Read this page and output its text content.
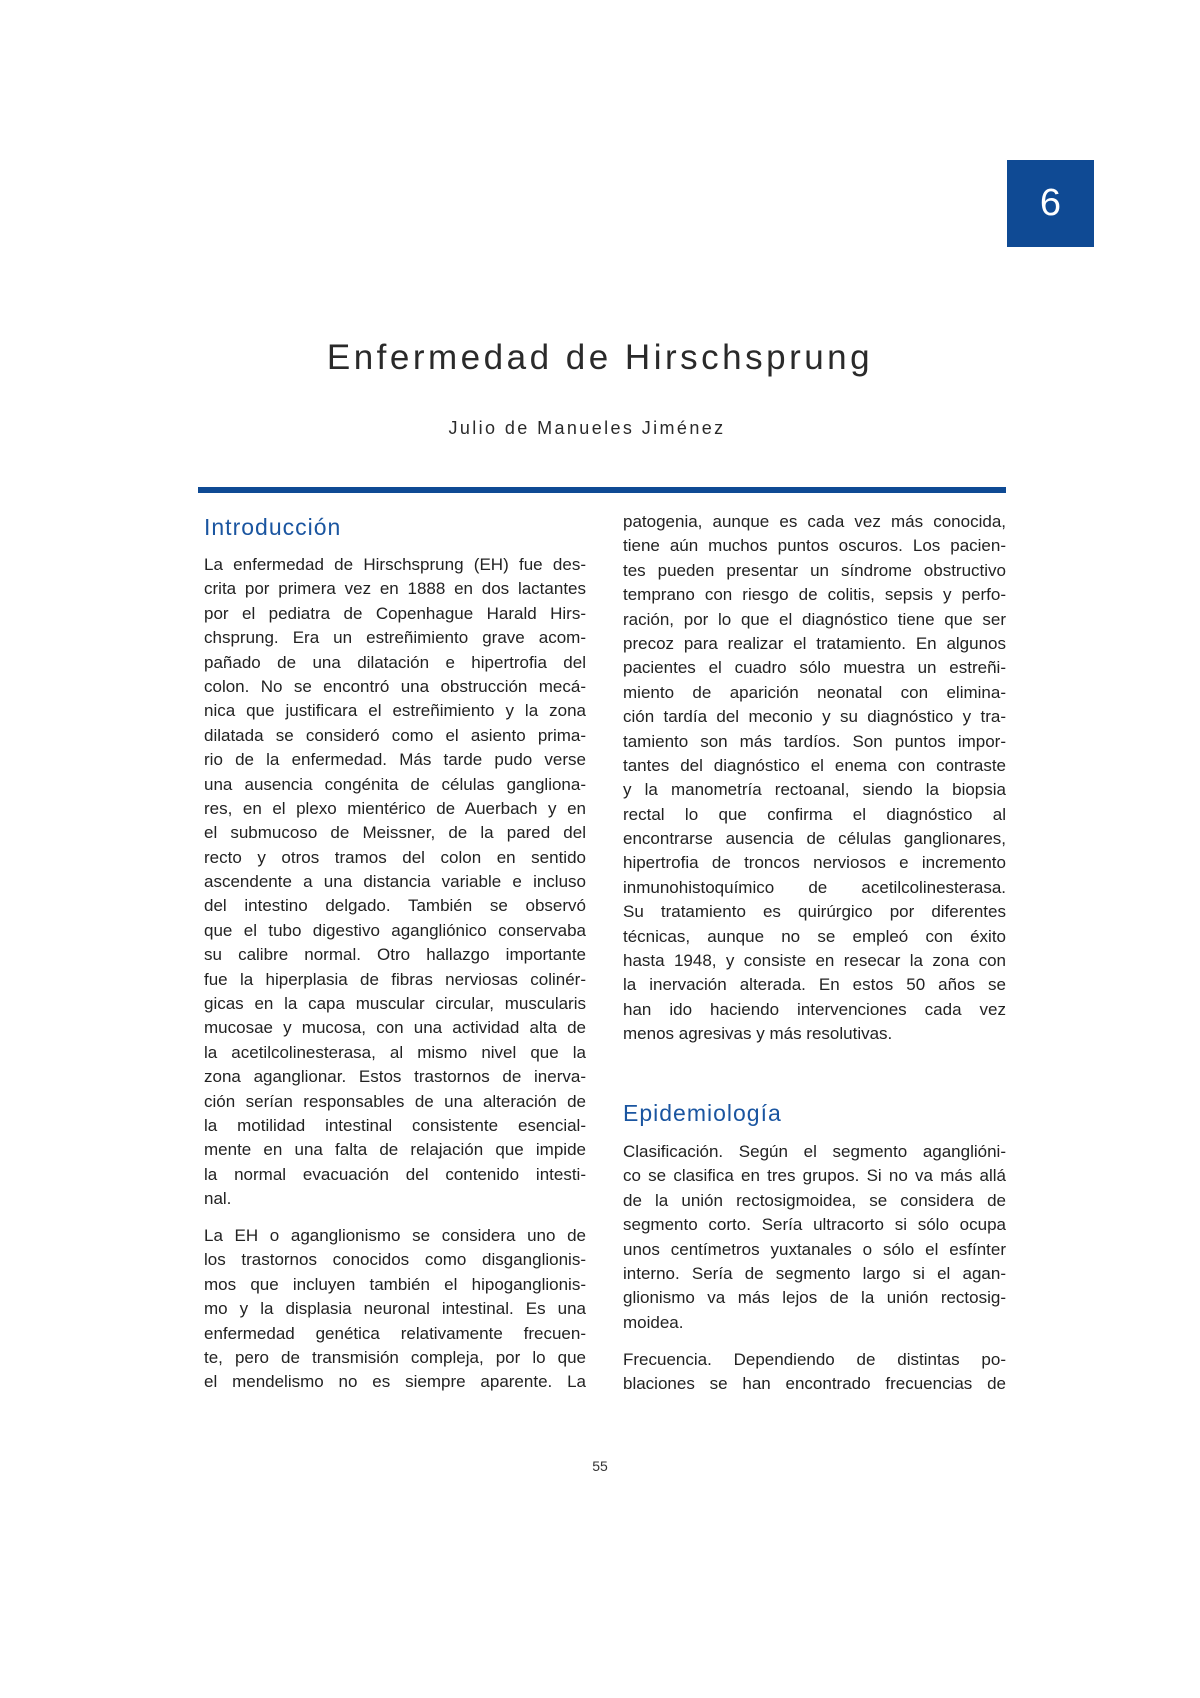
6
Enfermedad de Hirschsprung
Julio de Manueles Jiménez
Introducción
La enfermedad de Hirschsprung (EH) fue des-
crita por primera vez en 1888 en dos lactantes
por el pediatra de Copenhague Harald Hirs-
chsprung. Era un estreñimiento grave acom-
pañado de una dilatación e hipertrofia del
colon. No se encontró una obstrucción mecá-
nica que justificara el estreñimiento y la zona
dilatada se consideró como el asiento prima-
rio de la enfermedad. Más tarde pudo verse
una ausencia congénita de células gangliona-
res, en el plexo mientérico de Auerbach y en
el submucoso de Meissner, de la pared del
recto y otros tramos del colon en sentido
ascendente a una distancia variable e incluso
del intestino delgado. También se observó
que el tubo digestivo agangliónico conservaba
su calibre normal. Otro hallazgo importante
fue la hiperplasia de fibras nerviosas colinér-
gicas en la capa muscular circular, muscularis
mucosae y mucosa, con una actividad alta de
la acetilcolinesterasa, al mismo nivel que la
zona aganglionar. Estos trastornos de inerva-
ción serían responsables de una alteración de
la motilidad intestinal consistente esencial-
mente en una falta de relajación que impide
la normal evacuación del contenido intesti-
nal.
La EH o aganglionismo se considera uno de
los trastornos conocidos como disganglionis-
mos que incluyen también el hipoganglionis-
mo y la displasia neuronal intestinal. Es una
enfermedad genética relativamente frecuen-
te, pero de transmisión compleja, por lo que
el mendelismo no es siempre aparente. La
patogenia, aunque es cada vez más conocida,
tiene aún muchos puntos oscuros. Los pacien-
tes pueden presentar un síndrome obstructivo
temprano con riesgo de colitis, sepsis y perfo-
ración, por lo que el diagnóstico tiene que ser
precoz para realizar el tratamiento. En algunos
pacientes el cuadro sólo muestra un estreñi-
miento de aparición neonatal con elimina-
ción tardía del meconio y su diagnóstico y tra-
tamiento son más tardíos. Son puntos impor-
tantes del diagnóstico el enema con contraste
y la manometría rectoanal, siendo la biopsia
rectal lo que confirma el diagnóstico al
encontrarse ausencia de células ganglionares,
hipertrofia de troncos nerviosos e incremento
inmunohistoquímico de acetilcolinesterasa.
Su tratamiento es quirúrgico por diferentes
técnicas, aunque no se empleó con éxito
hasta 1948, y consiste en resecar la zona con
la inervación alterada. En estos 50 años se
han ido haciendo intervenciones cada vez
menos agresivas y más resolutivas.
Epidemiología
Clasificación. Según el segmento aganglióni-
co se clasifica en tres grupos. Si no va más allá
de la unión rectosigmoidea, se considera de
segmento corto. Sería ultracorto si sólo ocupa
unos centímetros yuxtanales o sólo el esfínter
interno. Sería de segmento largo si el agan-
glionismo va más lejos de la unión rectosig-
moidea.
Frecuencia. Dependiendo de distintas po-
blaciones se han encontrado frecuencias de
55
